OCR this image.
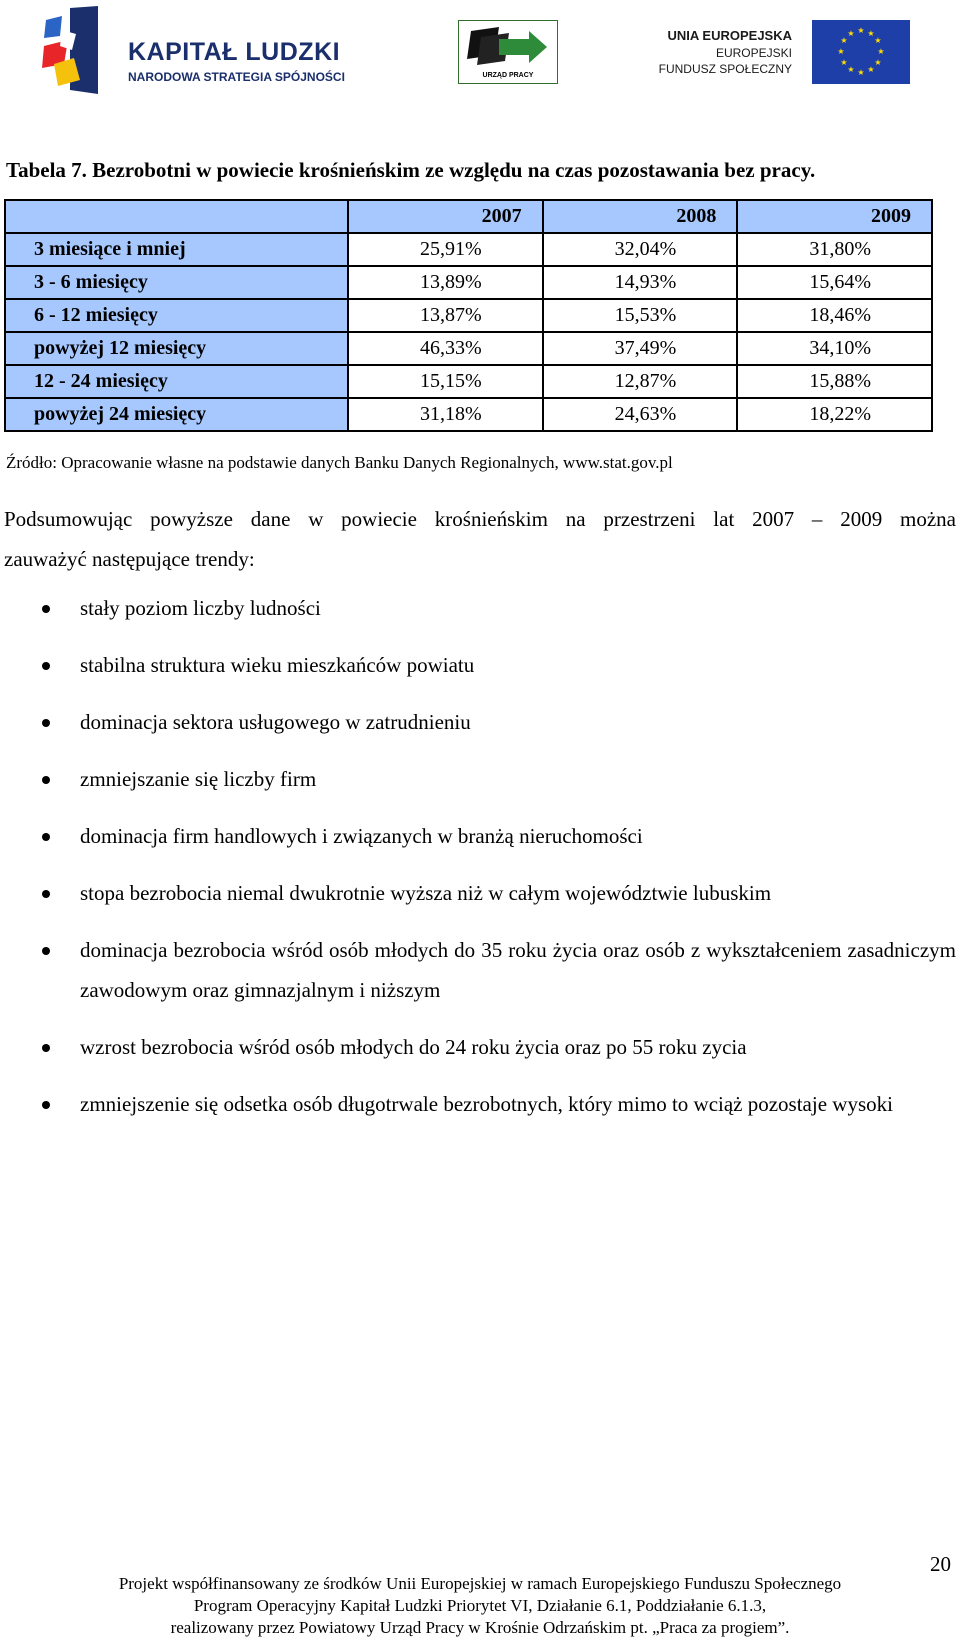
KAPITAŁ LUDZKI
NARODOWA STRATEGIA SPÓJNOŚCI	URZĄD PRACY
UNIA EUROPEJSKA
EUROPEJSKI
FUNDUSZ SPOŁECZNY
★ ★
★
★
★
★
★
★
★
★
★
★
Tabela 7. Bezrobotni w powiecie krośnieńskim ze względu na czas pozostawania bez pracy.
	2007	2008	2009
3 miesiące i mniej	25,91%	32,04%	31,80%
3 - 6 miesięcy	13,89%	14,93%	15,64%
6 - 12 miesięcy	13,87%	15,53%	18,46%
powyżej 12 miesięcy	46,33%	37,49%	34,10%
12 - 24 miesięcy	15,15%	12,87%	15,88%
powyżej 24 miesięcy	31,18%	24,63%	18,22%
Źródło: Opracowanie własne na podstawie danych Banku Danych Regionalnych, www.stat.gov.pl
Podsumowując powyższe dane w powiecie krośnieńskim na przestrzeni lat 2007 – 2009 można
zauważyć następujące trendy:
stały poziom liczby ludności
stabilna struktura wieku mieszkańców powiatu
dominacja sektora usługowego w zatrudnieniu
zmniejszanie się liczby firm
dominacja firm handlowych i związanych w branżą nieruchomości
stopa bezrobocia niemal dwukrotnie wyższa niż w całym województwie lubuskim
dominacja bezrobocia wśród osób młodych do 35 roku życia oraz osób z wykształceniem zasadniczym zawodowym oraz gimnazjalnym i niższym
wzrost bezrobocia wśród osób młodych do 24 roku życia oraz po 55 roku zycia
zmniejszenie się odsetka osób długotrwale bezrobotnych, który mimo to wciąż pozostaje wysoki
20
Projekt współfinansowany ze środków Unii Europejskiej w ramach Europejskiego Funduszu Społecznego
Program Operacyjny Kapitał Ludzki Priorytet VI, Działanie 6.1, Poddziałanie 6.1.3,
realizowany przez Powiatowy Urząd Pracy w Krośnie Odrzańskim pt. „Praca za progiem”.
